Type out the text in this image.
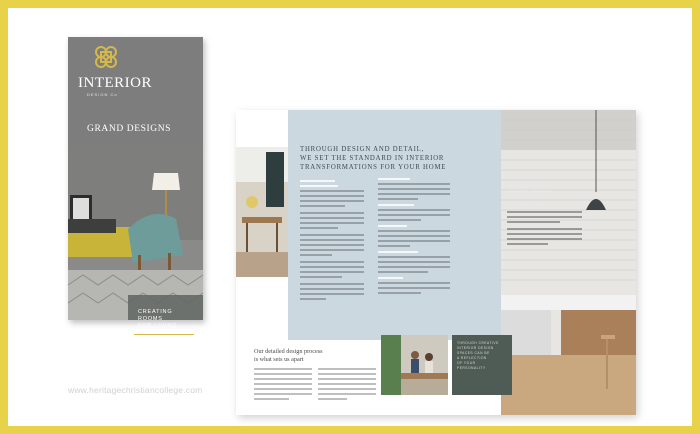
INTERIOR
DESIGN Co
GRAND DESIGNS
CREATING
ROOMS
FOR LIVING
THROUGH DESIGN AND DETAIL,
WE SET THE STANDARD IN INTERIOR
TRANSFORMATIONS FOR YOUR HOME
IT'S IDEAL TO
CREATE SPACES
THAT CATER TO
INDIVIDUALS
Our detailed design process
is what sets us apart
THROUGH CREATIVE
INTERIOR DESIGN
SPACES CAN BE
A REFLECTION
OF YOUR
PERSONALITY
www.heritagechristiancollege.com
